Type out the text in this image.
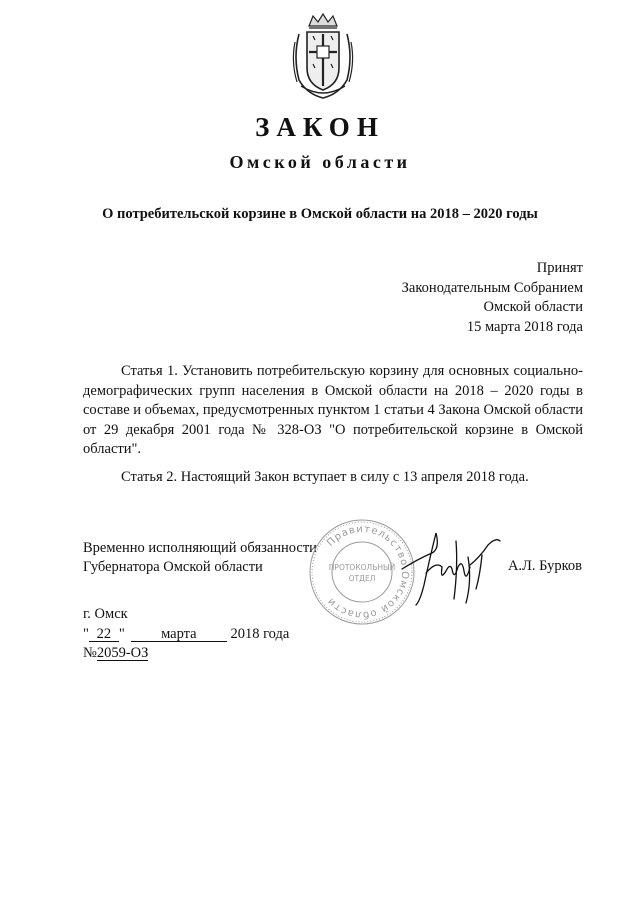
ЗАКОН
Омской области
О потребительской корзине в Омской области на 2018 – 2020 годы
Принят
Законодательным Собранием
Омской области
15 марта 2018 года
Статья 1. Установить потребительскую корзину для основных социально-демографических групп населения в Омской области на 2018 – 2020 годы в составе и объемах, предусмотренных пунктом 1 статьи 4 Закона Омской области от 29 декабря 2001 года № 328-ОЗ "О потребительской корзине в Омской области".
Статья 2. Настоящий Закон вступает в силу с 13 апреля 2018 года.
Временно исполняющий обязанности
Губернатора Омской области
Правительство Омской области
ПРОТОКОЛЬНЫЙ
ОТДЕЛ
А.Л. Бурков
г. Омск
" 22 " марта 2018 года
№2059-ОЗ
